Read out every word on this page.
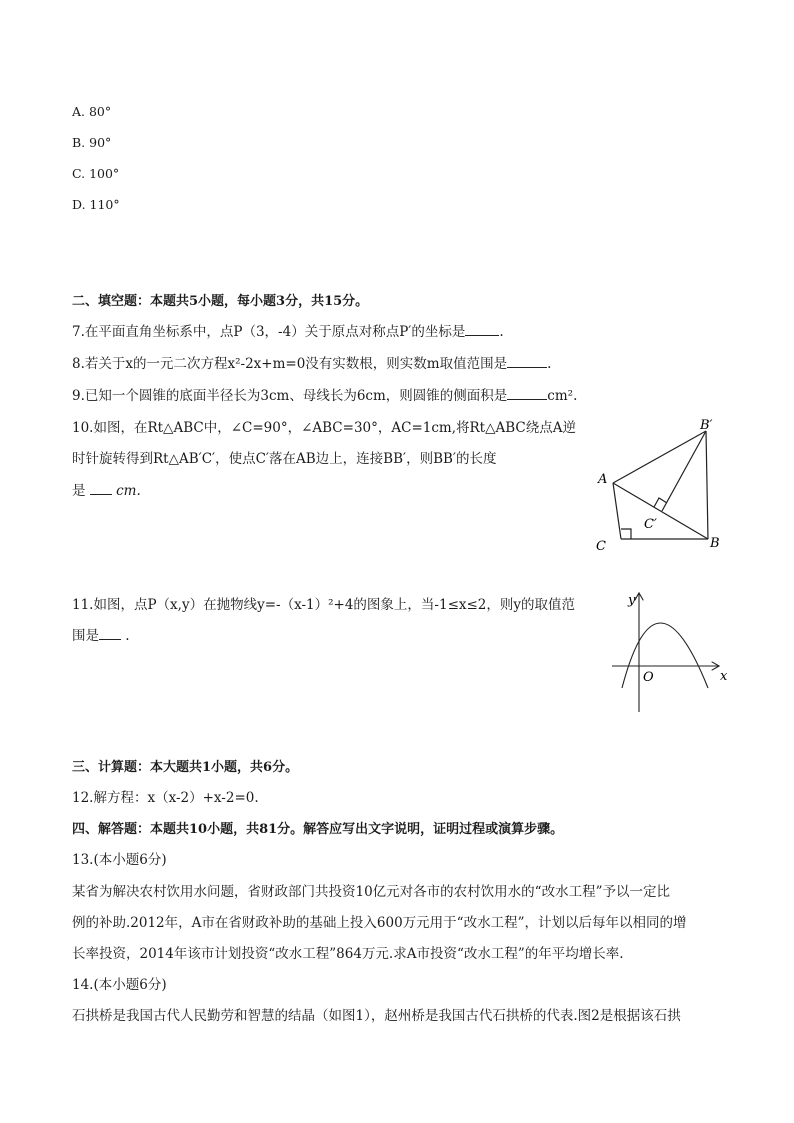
A. 80°
B. 90°
C. 100°
D. 110°
二、填空题：本题共5小题，每小题3分，共15分。
7.在平面直角坐标系中，点P（3，-4）关于原点对称点P′的坐标是	.
8.若关于x的一元二次方程x²-2x+m=0没有实数根，则实数m取值范围是	.
9.已知一个圆锥的底面半径长为3cm、母线长为6cm，则圆锥的侧面积是	cm².
10.如图，在Rt△ABC中，∠C=90°，∠ABC=30°，AC=1cm,将Rt△ABC绕点A逆
时针旋转得到Rt△AB′C′，使点C′落在AB边上，连接BB′，则BB′的长度
是 cm.
A
B
C
B′
C′
11.如图，点P（x,y）在抛物线y=-（x-1）²+4的图象上，当-1≤x≤2，则y的取值范
围是 .
x
y
O
三、计算题：本大题共1小题，共6分。
12.解方程：x（x-2）+x-2=0.
四、解答题：本题共10小题，共81分。解答应写出文字说明，证明过程或演算步骤。
13.(本小题6分)
某省为解决农村饮用水问题，省财政部门共投资10亿元对各市的农村饮用水的“改水工程”予以一定比
例的补助.2012年，A市在省财政补助的基础上投入600万元用于“改水工程”，计划以后每年以相同的增
长率投资，2014年该市计划投资“改水工程”864万元.求A市投资“改水工程”的年平均增长率.
14.(本小题6分)
石拱桥是我国古代人民勤劳和智慧的结晶（如图1），赵州桥是我国古代石拱桥的代表.图2是根据该石拱
